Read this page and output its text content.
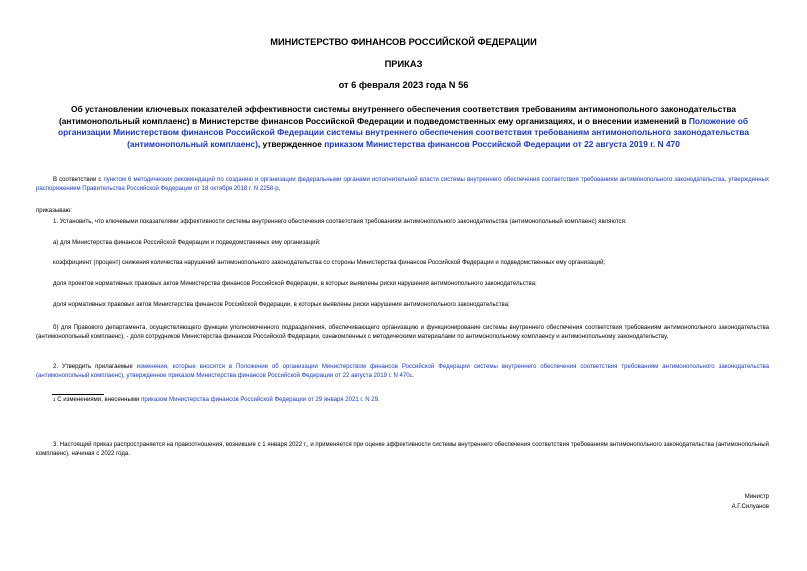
МИНИСТЕРСТВО ФИНАНСОВ РОССИЙСКОЙ ФЕДЕРАЦИИ
ПРИКАЗ
от 6 февраля 2023 года N 56
Об установлении ключевых показателей эффективности системы внутреннего обеспечения соответствия требованиям антимонопольного законодательства (антимонопольный комплаенс) в Министерстве финансов Российской Федерации и подведомственных ему организациях, и о внесении изменений в Положение об организации Министерством финансов Российской Федерации системы внутреннего обеспечения соответствия требованиям антимонопольного законодательства (антимонопольный комплаенс), утвержденное приказом Министерства финансов Российской Федерации от 22 августа 2019 г. N 470
В соответствии с пунктом 6 методических рекомендаций по созданию и организации федеральными органами исполнительной власти системы внутреннего обеспечения соответствия требованиям антимонопольного законодательства, утвержденных распоряжением Правительства Российской Федерации от 18 октября 2018 г. N 2258-р,
приказываю:
1. Установить, что ключевыми показателями эффективности системы внутреннего обеспечения соответствия требованиям антимонопольного законодательства (антимонопольный комплаенс) являются:
а) для Министерства финансов Российской Федерации и подведомственных ему организаций:
коэффициент (процент) снижения количества нарушений антимонопольного законодательства со стороны Министерства финансов Российской Федерации и подведомственных ему организаций;
доля проектов нормативных правовых актов Министерства финансов Российской Федерации, в которых выявлены риски нарушения антимонопольного законодательства;
доля нормативных правовых актов Министерства финансов Российской Федерации, в которых выявлены риски нарушения антимонопольного законодательства;
б) для Правового департамента, осуществляющего функции уполномоченного подразделения, обеспечивающего организацию и функционирование системы внутреннего обеспечения соответствия требованиям антимонопольного законодательства (антимонопольный комплаенс), - доля сотрудников Министерства финансов Российской Федерации, ознакомленных с методическими материалами по антимонопольному комплаенсу и антимонопольному законодательству.
2. Утвердить прилагаемые изменения, которые вносятся в Положение об организации Министерством финансов Российской Федерации системы внутреннего обеспечения соответствия требованиям антимонопольного законодательства (антимонопольный комплаенс), утвержденное приказом Министерства финансов Российской Федерации от 22 августа 2019 г. N $470^1$.
$^1$ С изменениями, внесенными приказом Министерства финансов Российской Федерации от 29 января 2021 г. N 29.
3. Настоящий приказ распространяется на правоотношения, возникшие с 1 января 2022 г., и применяется при оценке эффективности системы внутреннего обеспечения соответствия требованиям антимонопольного законодательства (антимонопольный комплаенс), начиная с 2022 года.
Министр
А.Г.Силуанов
